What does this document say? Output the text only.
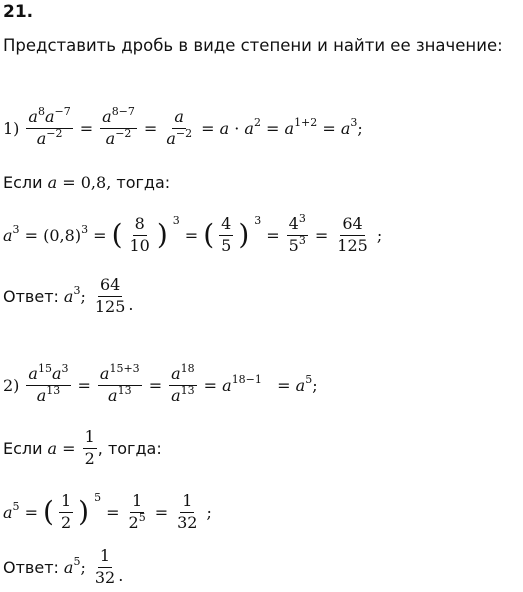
21.
Представить дробь в виде степени и найти ее значение:
$1) \frac{a^8a^{-7}}{a^{-2}} = \frac{a^{8-7}}{a^{-2}} = \frac{a}{a^{-2}} = a \cdot a^2 = a^{1+2} = a^3$;
Если a = 0,8, тогда:
$a^3 = (0,8)^3$ = ( $\frac{8}{10}$ ) $^3$
= ( $\frac{4}{5}$ ) $^3$
= $\frac{4^3}{5^3} = \frac{64}{125}$ ;
Ответ: $a^3$; $\frac{64}{125}$ .
$2) \frac{a^{15}a^3}{a^{13}} = \frac{a^{15+3}}{a^{13}} = \frac{a^{18}}{a^{13}} = a^{18-1} = a^5$;
Если $a = \frac{1}{2}$ , тогда:
$a^5$ = ( $\frac{1}{2}$ ) $^5$
= $\frac{1}{2^5} = \frac{1}{32}$ ;
Ответ: $a^5$; $\frac{1}{32}$ .
